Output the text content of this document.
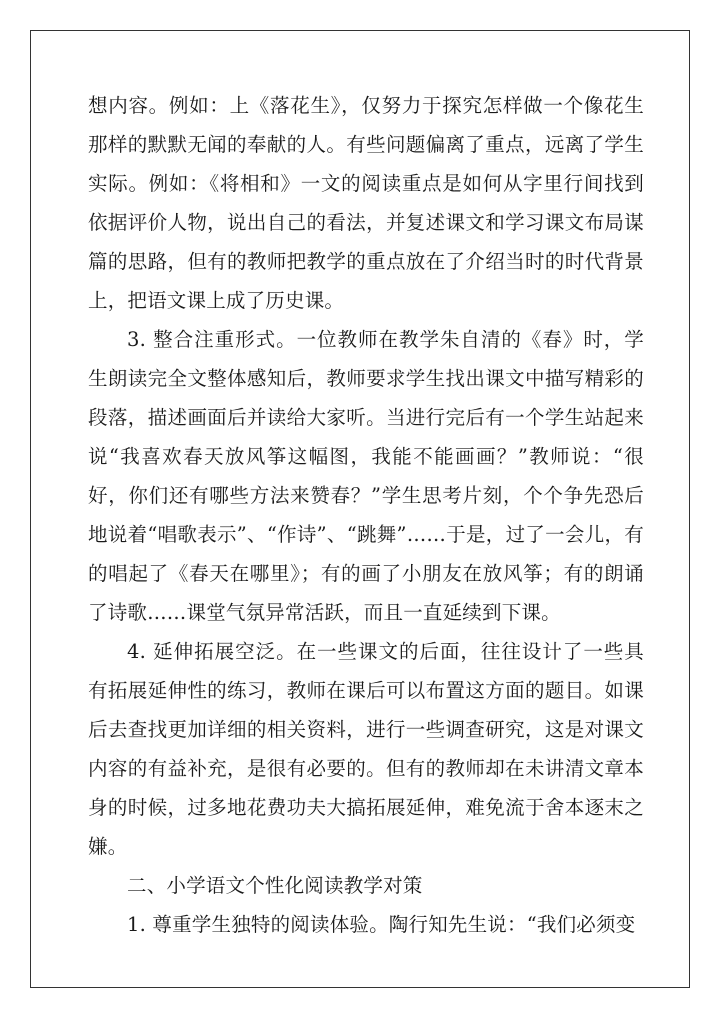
想内容。例如：上《落花生》，仅努力于探究怎样做一个像花生那样的默默无闻的奉献的人。有些问题偏离了重点，远离了学生实际。例如：《将相和》一文的阅读重点是如何从字里行间找到依据评价人物，说出自己的看法，并复述课文和学习课文布局谋篇的思路，但有的教师把教学的重点放在了介绍当时的时代背景上，把语文课上成了历史课。

3. 整合注重形式。一位教师在教学朱自清的《春》时，学生朗读完全文整体感知后，教师要求学生找出课文中描写精彩的段落，描述画面后并读给大家听。当进行完后有一个学生站起来说“我喜欢春天放风筝这幅图，我能不能画画？”教师说：“很好，你们还有哪些方法来赞春？”学生思考片刻，个个争先恐后地说着“唱歌表示”、“作诗”、“跳舞”……于是，过了一会儿，有的唱起了《春天在哪里》；有的画了小朋友在放风筝；有的朗诵了诗歌……课堂气氛异常活跃，而且一直延续到下课。

4. 延伸拓展空泛。在一些课文的后面，往往设计了一些具有拓展延伸性的练习，教师在课后可以布置这方面的题目。如课后去查找更加详细的相关资料，进行一些调查研究，这是对课文内容的有益补充，是很有必要的。但有的教师却在未讲清文章本身的时候，过多地花费功夫大搞拓展延伸，难免流于舍本逐末之嫌。

二、小学语文个性化阅读教学对策

1. 尊重学生独特的阅读体验。陶行知先生说：“我们必须变
